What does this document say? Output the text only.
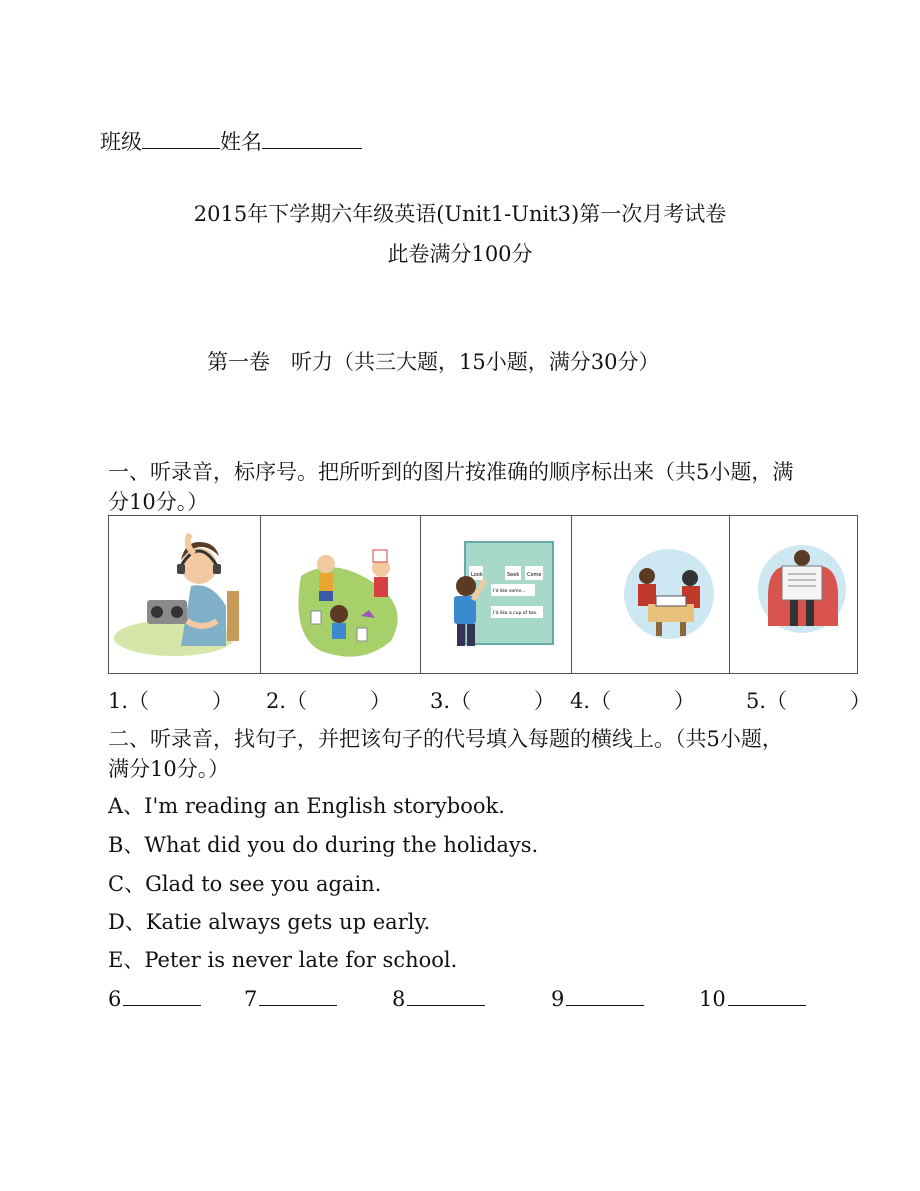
班级	姓名
2015年下学期六年级英语(Unit1-Unit3)第一次月考试卷
此卷满分100分
第一卷　听力（共三大题，15小题，满分30分）
一、听录音，标序号。把所听到的图片按准确的顺序标出来（共5小题，满
分10分。）

Look	Seek Come
I'd like some...
I'd like a cup of tea.

1.（　　　） 2.（　　　） 3.（　　　） 4.（　　　） 5.（　　　）
二、听录音，找句子，并把该句子的代号填入每题的横线上。（共5小题，
满分10分。）
A、I'm reading an English storybook.
B、What did you do during the holidays.
C、Glad to see you again.
D、Katie always gets up early.
E、Peter is never late for school.
6	7	8	9	10
